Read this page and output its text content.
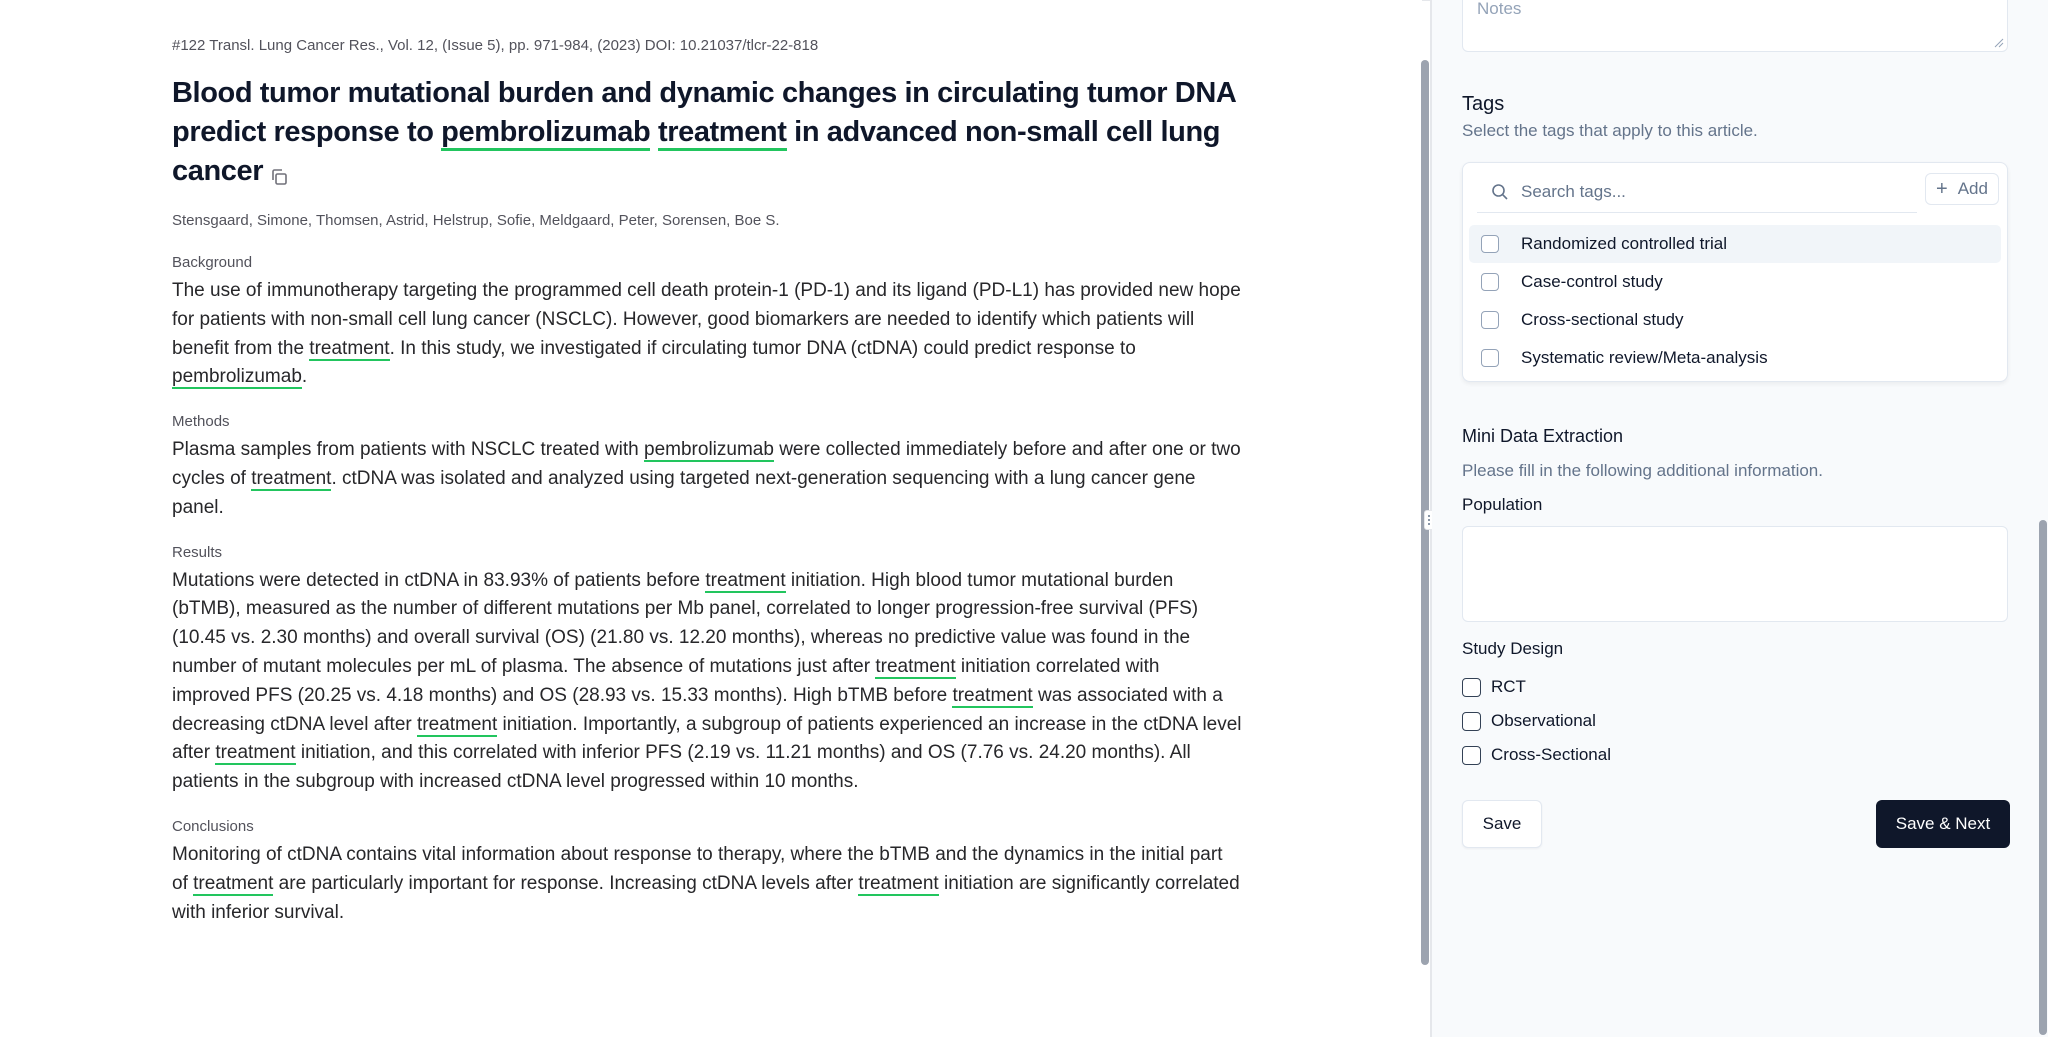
#122 Transl. Lung Cancer Res., Vol. 12, (Issue 5), pp. 971-984, (2023) DOI: 10.21037/tlcr-22-818
Blood tumor mutational burden and dynamic changes in circulating tumor DNA predict response to pembrolizumab treatment in advanced non-small cell lung cancer
Stensgaard, Simone, Thomsen, Astrid, Helstrup, Sofie, Meldgaard, Peter, Sorensen, Boe S.
Background

The use of immunotherapy targeting the programmed cell death protein-1 (PD-1) and its ligand (PD-L1) has provided new hope for patients with non-small cell lung cancer (NSCLC). However, good biomarkers are needed to identify which patients will benefit from the treatment. In this study, we investigated if circulating tumor DNA (ctDNA) could predict response to pembrolizumab.

Methods

Plasma samples from patients with NSCLC treated with pembrolizumab were collected immediately before and after one or two cycles of treatment. ctDNA was isolated and analyzed using targeted next-generation sequencing with a lung cancer gene panel.

Results

Mutations were detected in ctDNA in 83.93% of patients before treatment initiation. High blood tumor mutational burden (bTMB), measured as the number of different mutations per Mb panel, correlated to longer progression-free survival (PFS) (10.45 vs. 2.30 months) and overall survival (OS) (21.80 vs. 12.20 months), whereas no predictive value was found in the number of mutant molecules per mL of plasma. The absence of mutations just after treatment initiation correlated with improved PFS (20.25 vs. 4.18 months) and OS (28.93 vs. 15.33 months). High bTMB before treatment was associated with a decreasing ctDNA level after treatment initiation. Importantly, a subgroup of patients experienced an increase in the ctDNA level after treatment initiation, and this correlated with inferior PFS (2.19 vs. 11.21 months) and OS (7.76 vs. 24.20 months). All patients in the subgroup with increased ctDNA level progressed within 10 months.

Conclusions

Monitoring of ctDNA contains vital information about response to therapy, where the bTMB and the dynamics in the initial part of treatment are particularly important for response. Increasing ctDNA levels after treatment initiation are significantly correlated with inferior survival.

Notes
Tags
Select the tags that apply to this article.
Search tags...
+ Add
Randomized controlled trial
Case-control study
Cross-sectional study
Systematic review/Meta-analysis
Mini Data Extraction
Please fill in the following additional information.
Population
Study Design
RCT
Observational
Cross-Sectional
Save	Save & Next
